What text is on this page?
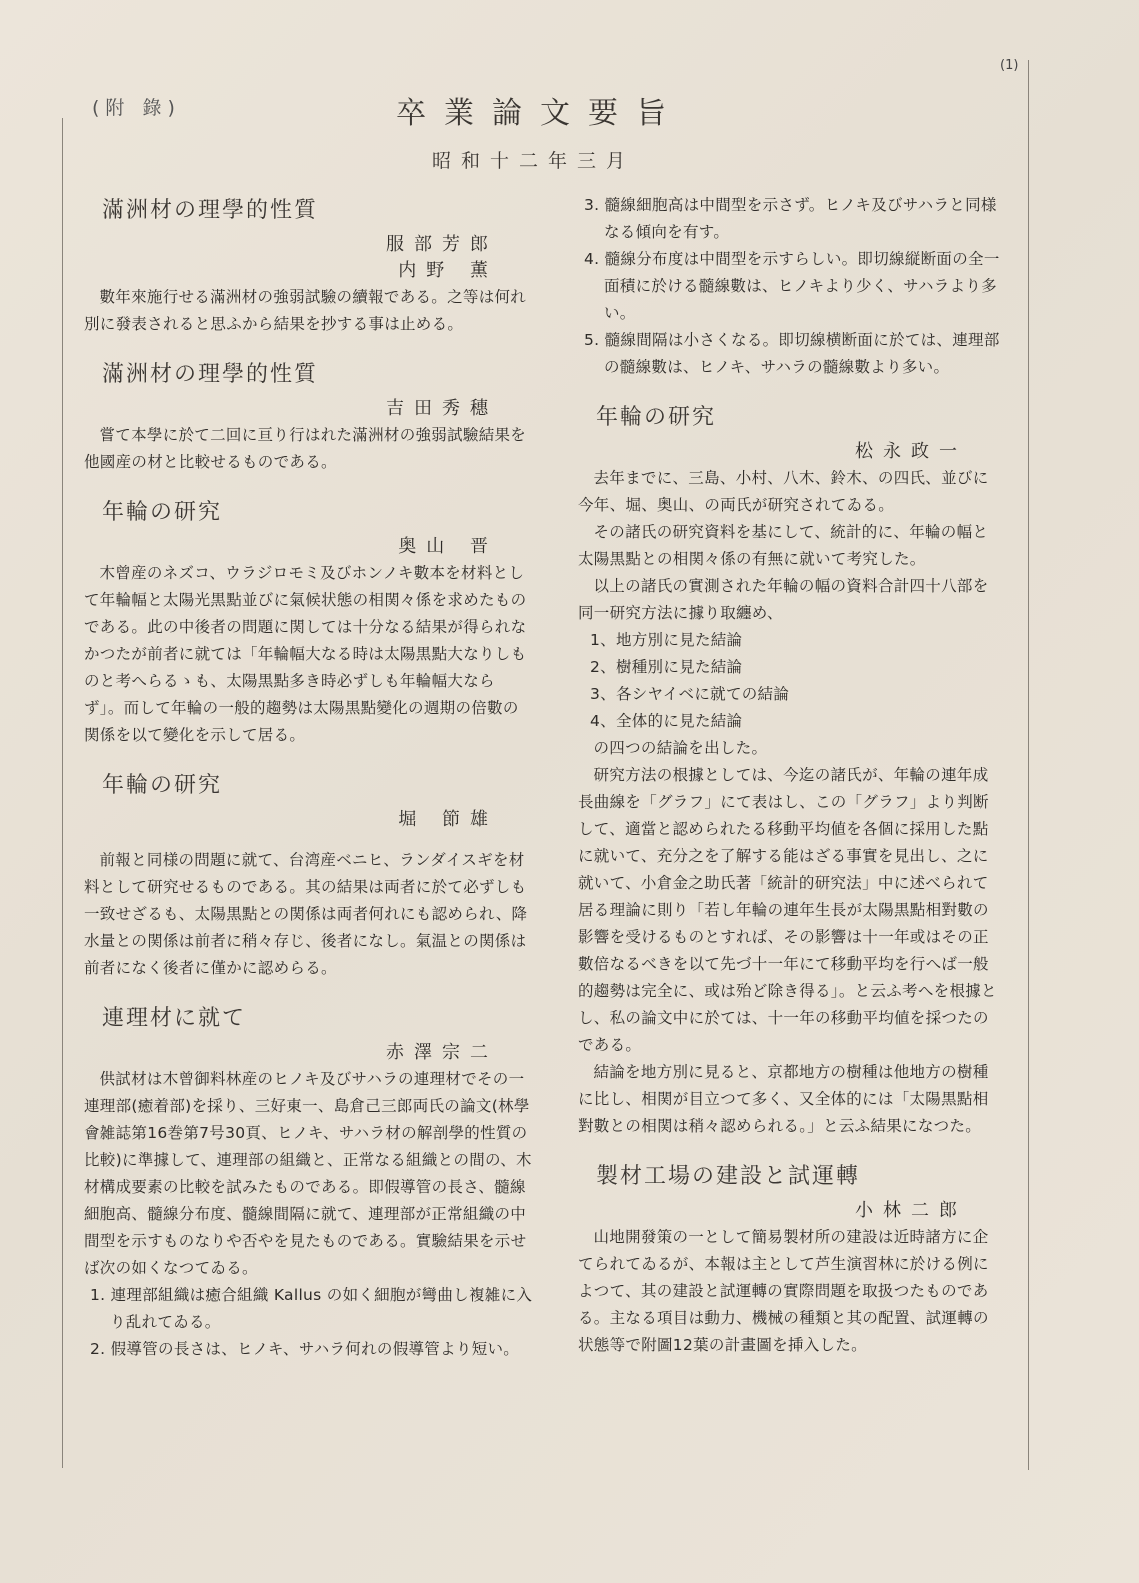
(1)
(附 錄)	卒業論文要旨
昭和十二年三月
滿洲材の理學的性質

服部芳郎

内野 薫

數年來施行せる滿洲材の強弱試驗の續報である。之等は何れ別に發表されると思ふから結果を抄する事は止める。

滿洲材の理學的性質

吉田秀穗

嘗て本學に於て二回に亘り行はれた滿洲材の強弱試驗結果を他國産の材と比較せるものである。

年輪の研究

奥山 晋

木曾産のネズコ、ウラジロモミ及びホンノキ數本を材料として年輪幅と太陽光黒點並びに氣候状態の相関々係を求めたものである。此の中後者の問題に関しては十分なる結果が得られなかつたが前者に就ては「年輪幅大なる時は太陽黒點大なりしものと考へらるゝも、太陽黒點多き時必ずしも年輪幅大ならず」。而して年輪の一般的趨勢は太陽黒點變化の週期の倍數の関係を以て變化を示して居る。

年輪の研究

堀 節雄

前報と同様の問題に就て、台湾産ベニヒ、ランダイスギを材料として研究せるものである。其の結果は両者に於て必ずしも一致せざるも、太陽黒點との関係は両者何れにも認められ、降水量との関係は前者に稍々存じ、後者になし。氣温との関係は前者になく後者に僅かに認めらる。

連理材に就て

赤澤宗二

供試材は木曾御料林産のヒノキ及びサハラの連理材でその一連理部(癒着部)を採り、三好東一、島倉己三郎両氏の論文(林學會雑誌第16巻第7号30頁、ヒノキ、サハラ材の解剖學的性質の比較)に準據して、連理部の組織と、正常なる組織との間の、木材構成要素の比較を試みたものである。即假導管の長さ、髓線細胞高、髓線分布度、髓線間隔に就て、連理部が正常組織の中間型を示すものなりや否やを見たものである。實驗結果を示せば次の如くなつてゐる。

1. 連理部組織は癒合組織 Kallus の如く細胞が彎曲し複雑に入り乱れてゐる。

2. 假導管の長さは、ヒノキ、サハラ何れの假導管より短い。

3. 髓線細胞高は中間型を示さず。ヒノキ及びサハラと同様なる傾向を有す。

4. 髓線分布度は中間型を示すらしい。即切線縦断面の全一面積に於ける髓線數は、ヒノキより少く、サハラより多い。

5. 髓線間隔は小さくなる。即切線横断面に於ては、連理部の髓線數は、ヒノキ、サハラの髓線數より多い。

年輪の研究

松永政一

去年までに、三島、小村、八木、鈴木、の四氏、並びに今年、堀、奥山、の両氏が研究されてゐる。

その諸氏の研究資料を基にして、統計的に、年輪の幅と太陽黒點との相関々係の有無に就いて考究した。

以上の諸氏の實測された年輪の幅の資料合計四十八部を同一研究方法に據り取纏め、

1、地方別に見た結論

2、樹種別に見た結論

3、各シヤイベに就ての結論

4、全体的に見た結論

の四つの結論を出した。

研究方法の根據としては、今迄の諸氏が、年輪の連年成長曲線を「グラフ」にて表はし、この「グラフ」より判断して、適當と認められたる移動平均値を各個に採用した點に就いて、充分之を了解する能はざる事實を見出し、之に就いて、小倉金之助氏著「統計的研究法」中に述べられて居る理論に則り「若し年輪の連年生長が太陽黒點相對數の影響を受けるものとすれば、その影響は十一年或はその正數倍なるべきを以て先づ十一年にて移動平均を行へば一般的趨勢は完全に、或は殆ど除き得る」。と云ふ考へを根據とし、私の論文中に於ては、十一年の移動平均値を採つたのである。

結論を地方別に見ると、京都地方の樹種は他地方の樹種に比し、相関が目立つて多く、又全体的には「太陽黒點相對數との相関は稍々認められる。」と云ふ結果になつた。

製材工場の建設と試運轉

小林二郎

山地開發策の一として簡易製材所の建設は近時諸方に企てられてゐるが、本報は主として芦生演習林に於ける例によつて、其の建設と試運轉の實際問題を取扱つたものである。主なる項目は動力、機械の種類と其の配置、試運轉の状態等で附圖12葉の計畫圖を挿入した。
